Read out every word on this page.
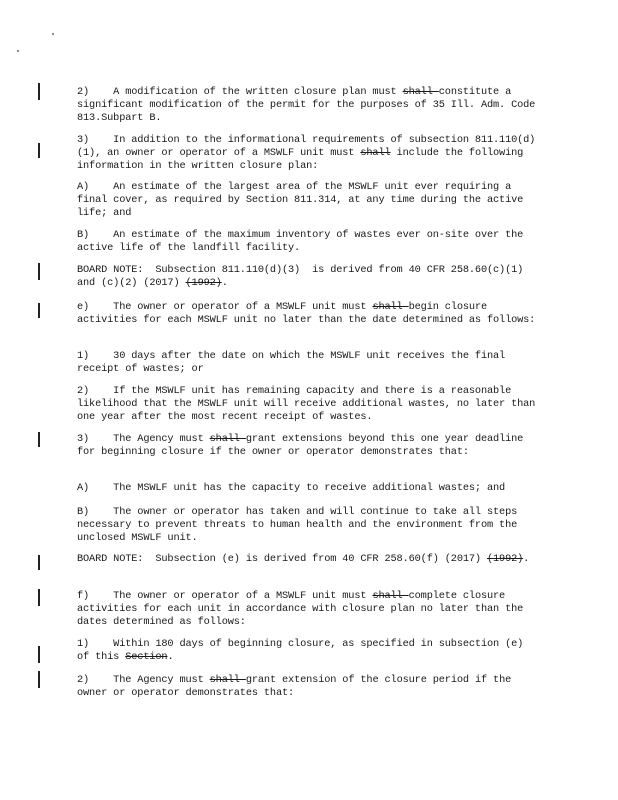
2)    A modification of the written closure plan must shall constitute a significant modification of the permit for the purposes of 35 Ill. Adm. Code 813.Subpart B.
3)    In addition to the informational requirements of subsection 811.110(d)(1), an owner or operator of a MSWLF unit must shall include the following information in the written closure plan:
A)    An estimate of the largest area of the MSWLF unit ever requiring a final cover, as required by Section 811.314, at any time during the active life; and
B)    An estimate of the maximum inventory of wastes ever on-site over the active life of the landfill facility.
BOARD NOTE:  Subsection 811.110(d)(3)  is derived from 40 CFR 258.60(c)(1) and (c)(2) (2017) (1992).
e)    The owner or operator of a MSWLF unit must shall begin closure activities for each MSWLF unit no later than the date determined as follows:
1)    30 days after the date on which the MSWLF unit receives the final receipt of wastes; or
2)    If the MSWLF unit has remaining capacity and there is a reasonable likelihood that the MSWLF unit will receive additional wastes, no later than one year after the most recent receipt of wastes.
3)    The Agency must shall grant extensions beyond this one year deadline for beginning closure if the owner or operator demonstrates that:
A)    The MSWLF unit has the capacity to receive additional wastes; and
B)    The owner or operator has taken and will continue to take all steps necessary to prevent threats to human health and the environment from the unclosed MSWLF unit.
BOARD NOTE:  Subsection (e) is derived from 40 CFR 258.60(f) (2017) (1992).
f)    The owner or operator of a MSWLF unit must shall complete closure activities for each unit in accordance with closure plan no later than the dates determined as follows:
1)    Within 180 days of beginning closure, as specified in subsection (e) of this Section.
2)    The Agency must shall grant extension of the closure period if the owner or operator demonstrates that:
